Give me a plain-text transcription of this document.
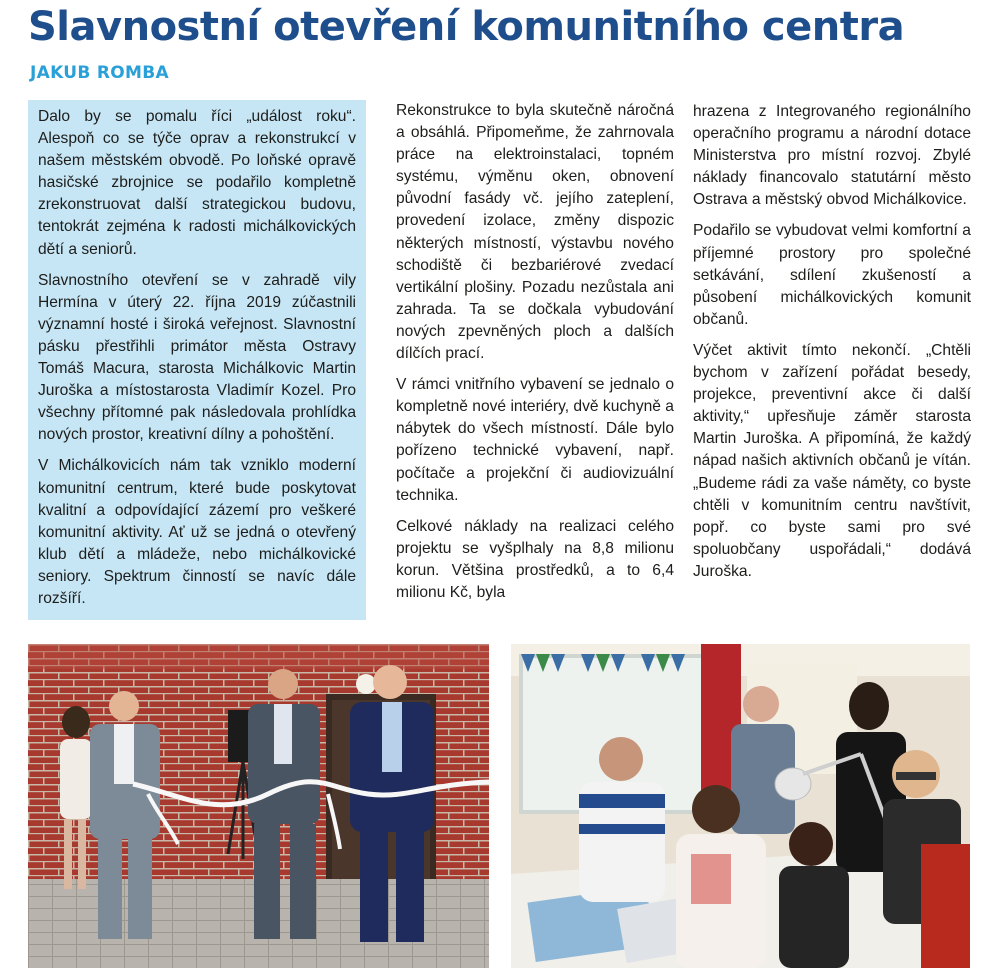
Slavnostní otevření komunitního centra
JAKUB ROMBA

Dalo by se pomalu říci „událost roku“. Alespoň co se týče oprav a rekonstrukcí v našem městském obvodě. Po loňské opravě hasičské zbrojnice se podařilo kompletně zrekonstruovat další strategickou budovu, tentokrát zejména k radosti michálkovických dětí a seniorů.

Slavnostního otevření se v zahradě vily Hermína v úterý 22. října 2019 zúčastnili významní hosté i široká veřejnost. Slavnostní pásku přestřihli primátor města Ostravy Tomáš Macura, starosta Michálkovic Martin Juroška a místostarosta Vladimír Kozel. Pro všechny přítomné pak následovala prohlídka nových prostor, kreativní dílny a pohoštění.

V Michálkovicích nám tak vzniklo moderní komunitní centrum, které bude poskytovat kvalitní a odpovídající zázemí pro veškeré komunitní aktivity. Ať už se jedná o otevřený klub dětí a mládeže, nebo michálkovické seniory. Spektrum činností se navíc dále rozšíří.

Rekonstrukce to byla skutečně náročná a obsáhlá. Připomeňme, že zahrnovala práce na elektroinstalaci, topném systému, výměnu oken, obnovení původní fasády vč. jejího zateplení, provedení izolace, změny dispozic některých místností, výstavbu nového schodiště či bezbariérové zvedací vertikální plošiny. Pozadu nezůstala ani zahrada. Ta se dočkala vybudování nových zpevněných ploch a dalších dílčích prací.

V rámci vnitřního vybavení se jednalo o kompletně nové interiéry, dvě kuchyně a nábytek do všech místností. Dále bylo pořízeno technické vybavení, např. počítače a projekční či audiovizuální technika.

Celkové náklady na realizaci celého projektu se vyšplhaly na 8,8 milionu korun. Většina prostředků, a to 6,4 milionu Kč, byla

hrazena z Integrovaného regionálního operačního programu a národní dotace Ministerstva pro místní rozvoj. Zbylé náklady financovalo statutární město Ostrava a městský obvod Michálkovice.

Podařilo se vybudovat velmi komfortní a příjemné prostory pro společné setkávání, sdílení zkušeností a působení michálkovických komunit občanů.

Výčet aktivit tímto nekončí. „Chtěli bychom v zařízení pořádat besedy, projekce, preventivní akce či další aktivity,“ upřesňuje záměr starosta Martin Juroška. A připomíná, že každý nápad našich aktivních občanů je vítán. „Budeme rádi za vaše náměty, co byste chtěli v komunitním centru navštívit, popř. co byste sami pro své spoluobčany uspořádali,“ dodává Juroška.
